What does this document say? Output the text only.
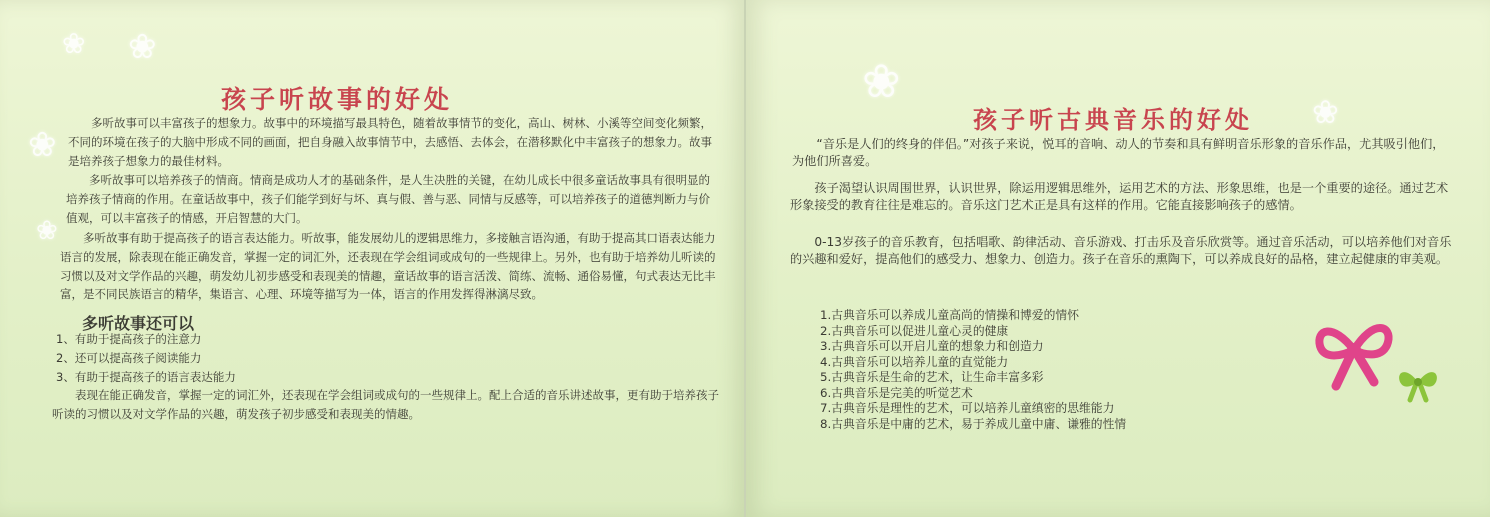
❀ ❀
❀
❀
孩子听故事的好处

多听故事可以丰富孩子的想象力。故事中的环境描写最具特色，随着故事情节的变化，高山、树林、小溪等空间变化频繁，不同的环境在孩子的大脑中形成不同的画面，把自身融入故事情节中，去感悟、去体会，在潜移默化中丰富孩子的想象力。故事是培养孩子想象力的最佳材料。

多听故事可以培养孩子的情商。情商是成功人才的基础条件，是人生决胜的关键，在幼儿成长中很多童话故事具有很明显的培养孩子情商的作用。在童话故事中，孩子们能学到好与坏、真与假、善与恶、同情与反感等，可以培养孩子的道德判断力与价值观，可以丰富孩子的情感，开启智慧的大门。

多听故事有助于提高孩子的语言表达能力。听故事，能发展幼儿的逻辑思维力，多接触言语沟通，有助于提高其口语表达能力语言的发展，除表现在能正确发音，掌握一定的词汇外，还表现在学会组词或成句的一些规律上。另外，也有助于培养幼儿听读的习惯以及对文学作品的兴趣，萌发幼儿初步感受和表现美的情趣，童话故事的语言活泼、简练、流畅、通俗易懂，句式表达无比丰富，是不同民族语言的精华，集语言、心理、环境等描写为一体，语言的作用发挥得淋漓尽致。

多听故事还可以
1、有助于提高孩子的注意力
2、还可以提高孩子阅读能力
3、有助于提高孩子的语言表达能力

表现在能正确发音，掌握一定的词汇外，还表现在学会组词或成句的一些规律上。配上合适的音乐讲述故事，更有助于培养孩子听读的习惯以及对文学作品的兴趣，萌发孩子初步感受和表现美的情趣。

❀
❀
孩子听古典音乐的好处

“音乐是人们的终身的伴侣。”对孩子来说，悦耳的音响、动人的节奏和具有鲜明音乐形象的音乐作品，尤其吸引他们，为他们所喜爱。

孩子渴望认识周围世界，认识世界，除运用逻辑思维外，运用艺术的方法、形象思维，也是一个重要的途径。通过艺术形象接受的教育往往是难忘的。音乐这门艺术正是具有这样的作用。它能直接影响孩子的感情。

0-13岁孩子的音乐教育，包括唱歌、韵律活动、音乐游戏、打击乐及音乐欣赏等。通过音乐活动，可以培养他们对音乐的兴趣和爱好，提高他们的感受力、想象力、创造力。孩子在音乐的熏陶下，可以养成良好的品格，建立起健康的审美观。

1.古典音乐可以养成儿童高尚的情操和博爱的情怀
2.古典音乐可以促进儿童心灵的健康
3.古典音乐可以开启儿童的想象力和创造力
4.古典音乐可以培养儿童的直觉能力
5.古典音乐是生命的艺术，让生命丰富多彩
6.古典音乐是完美的听觉艺术
7.古典音乐是理性的艺术，可以培养儿童缜密的思维能力
8.古典音乐是中庸的艺术，易于养成儿童中庸、谦雅的性情
